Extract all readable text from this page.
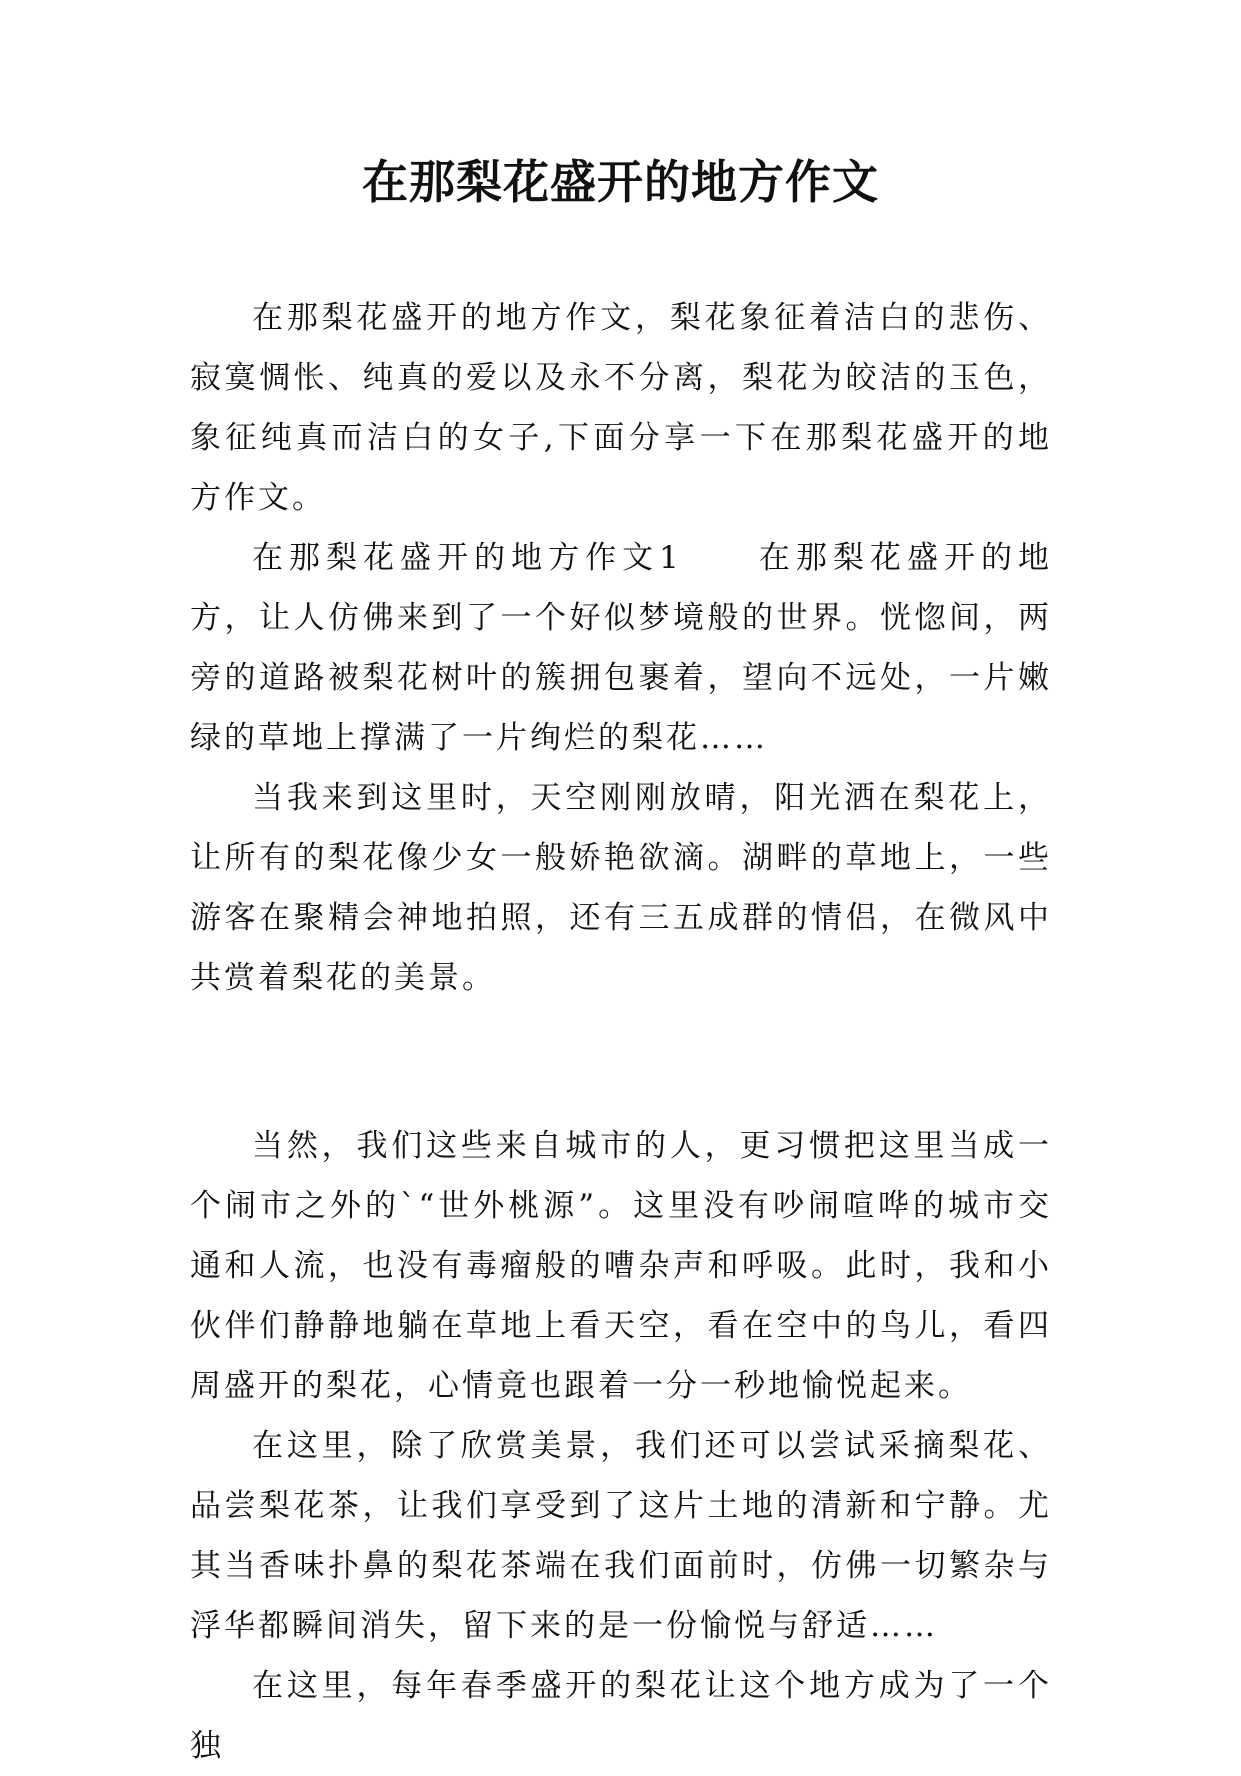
在那梨花盛开的地方作文

在那梨花盛开的地方作文，梨花象征着洁白的悲伤、寂寞惆怅、纯真的爱以及永不分离，梨花为皎洁的玉色，象征纯真而洁白的女子,下面分享一下在那梨花盛开的地方作文。

在那梨花盛开的地方作文1　　在那梨花盛开的地方，让人仿佛来到了一个好似梦境般的世界。恍惚间，两旁的道路被梨花树叶的簇拥包裹着，望向不远处，一片嫩绿的草地上撑满了一片绚烂的梨花……

当我来到这里时，天空刚刚放晴，阳光洒在梨花上，让所有的梨花像少女一般娇艳欲滴。湖畔的草地上，一些游客在聚精会神地拍照，还有三五成群的情侣，在微风中共赏着梨花的美景。

当然，我们这些来自城市的人，更习惯把这里当成一个闹市之外的`“世外桃源”。这里没有吵闹喧哗的城市交通和人流，也没有毒瘤般的嘈杂声和呼吸。此时，我和小伙伴们静静地躺在草地上看天空，看在空中的鸟儿，看四周盛开的梨花，心情竟也跟着一分一秒地愉悦起来。

在这里，除了欣赏美景，我们还可以尝试采摘梨花、品尝梨花茶，让我们享受到了这片土地的清新和宁静。尤其当香味扑鼻的梨花茶端在我们面前时，仿佛一切繁杂与浮华都瞬间消失，留下来的是一份愉悦与舒适……

在这里，每年春季盛开的梨花让这个地方成为了一个独
